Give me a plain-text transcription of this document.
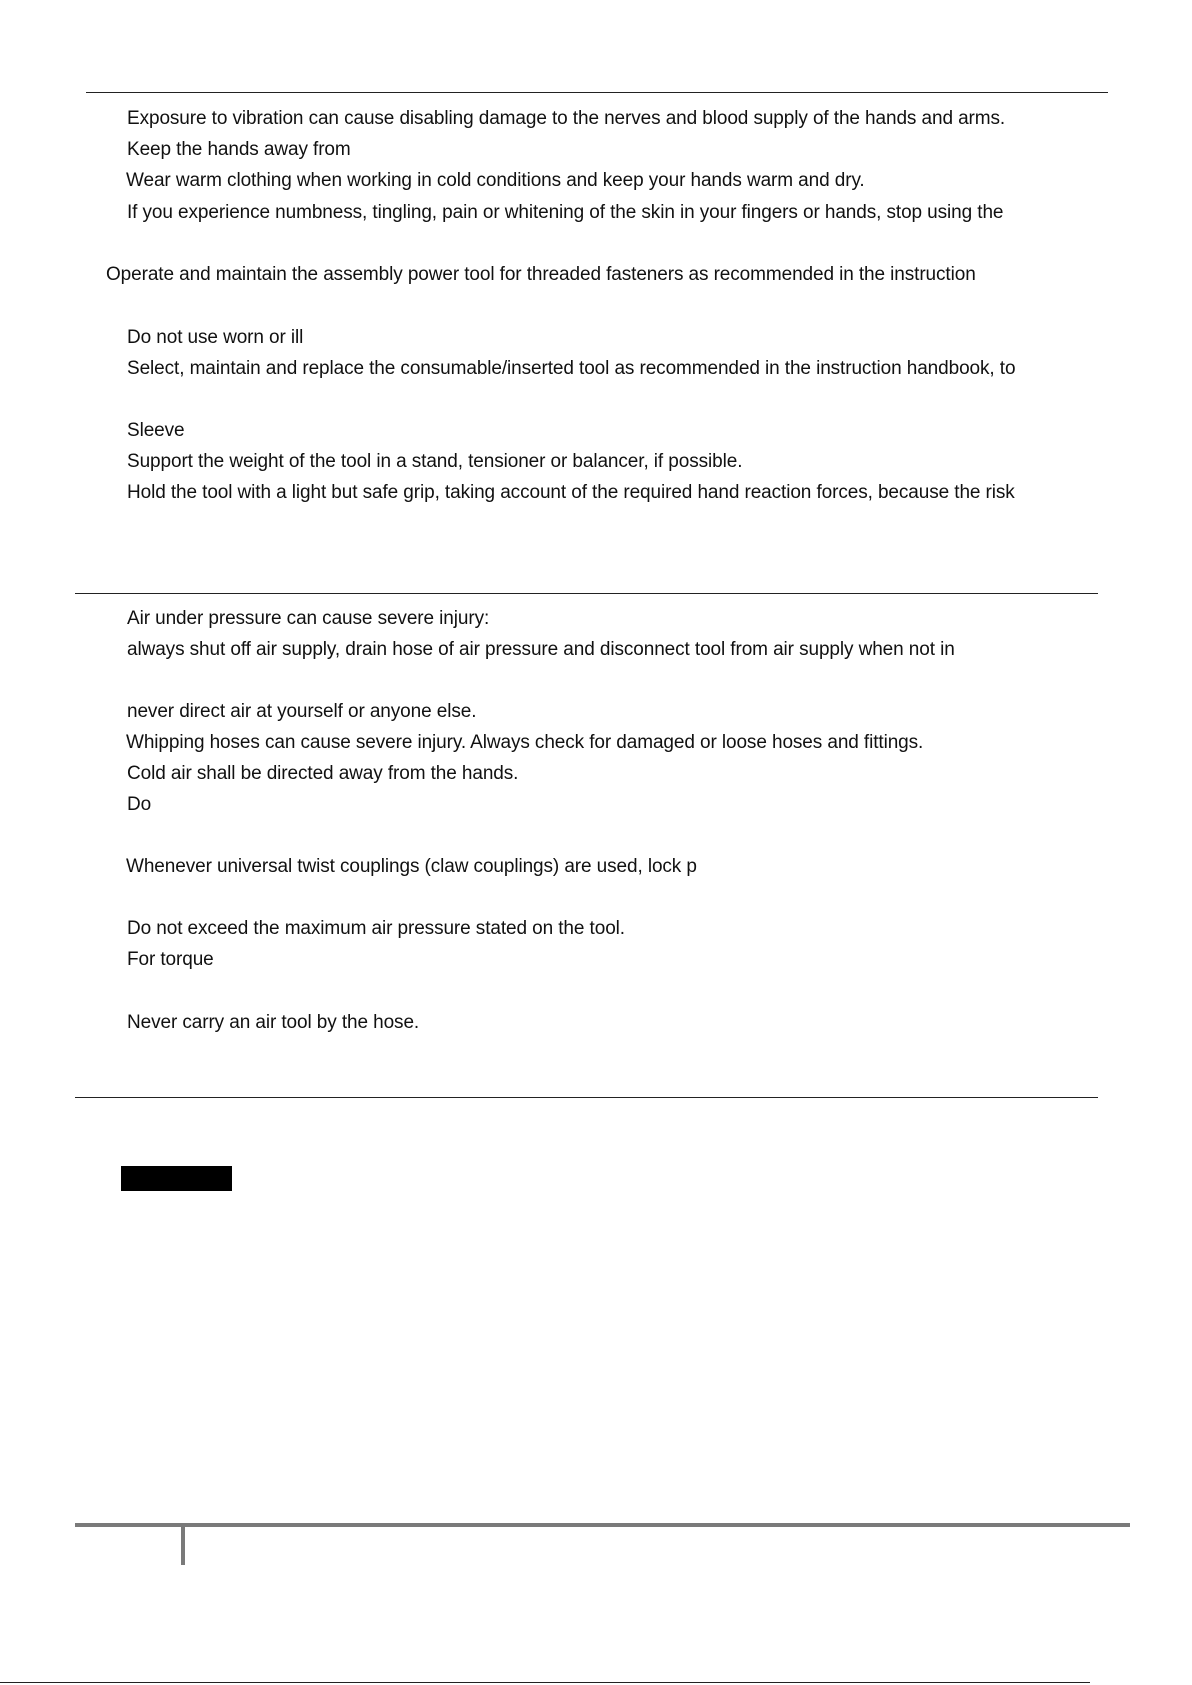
Exposure to vibration can cause disabling damage to the nerves and blood supply of the hands and arms.
Keep the hands away from
Wear warm clothing when working in cold conditions and keep your hands warm and dry.
If you experience numbness, tingling, pain or whitening of the skin in your fingers or hands, stop using the
Operate and maintain the assembly power tool for threaded fasteners as recommended in the instruction
Do not use worn or ill
Select, maintain and replace the consumable/inserted tool as recommended in the instruction handbook, to
Sleeve
Support the weight of the tool in a stand, tensioner or balancer, if possible.
Hold the tool with a light but safe grip, taking account of the required hand reaction forces, because the risk
Air under pressure can cause severe injury:
always shut off air supply, drain hose of air pressure and disconnect tool from air supply when not in
never direct air at yourself or anyone else.
Whipping hoses can cause severe injury. Always check for damaged or loose hoses and fittings.
Cold air shall be directed away from the hands.
Do
Whenever universal twist couplings (claw couplings) are used, lock p
Do not exceed the maximum air pressure stated on the tool.
For torque
Never carry an air tool by the hose.
